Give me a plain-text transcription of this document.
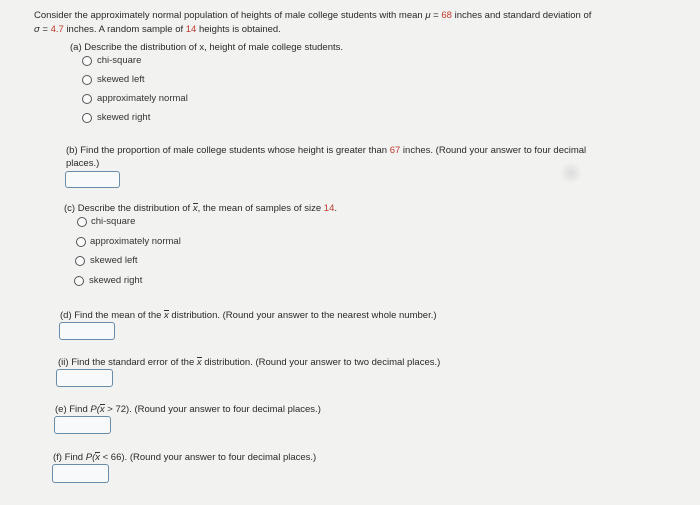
Consider the approximately normal population of heights of male college students with mean μ = 68 inches and standard deviation of
σ = 4.7 inches. A random sample of 14 heights is obtained.
(a) Describe the distribution of x, height of male college students.
chi-square
skewed left
approximately normal
skewed right
(b) Find the proportion of male college students whose height is greater than 67 inches. (Round your answer to four decimal
places.)
(c) Describe the distribution of x, the mean of samples of size 14.
chi-square
approximately normal
skewed left
skewed right
(d) Find the mean of the x distribution. (Round your answer to the nearest whole number.)
(ii) Find the standard error of the x distribution. (Round your answer to two decimal places.)
(e) Find P(x > 72). (Round your answer to four decimal places.)
(f) Find P(x < 66). (Round your answer to four decimal places.)
